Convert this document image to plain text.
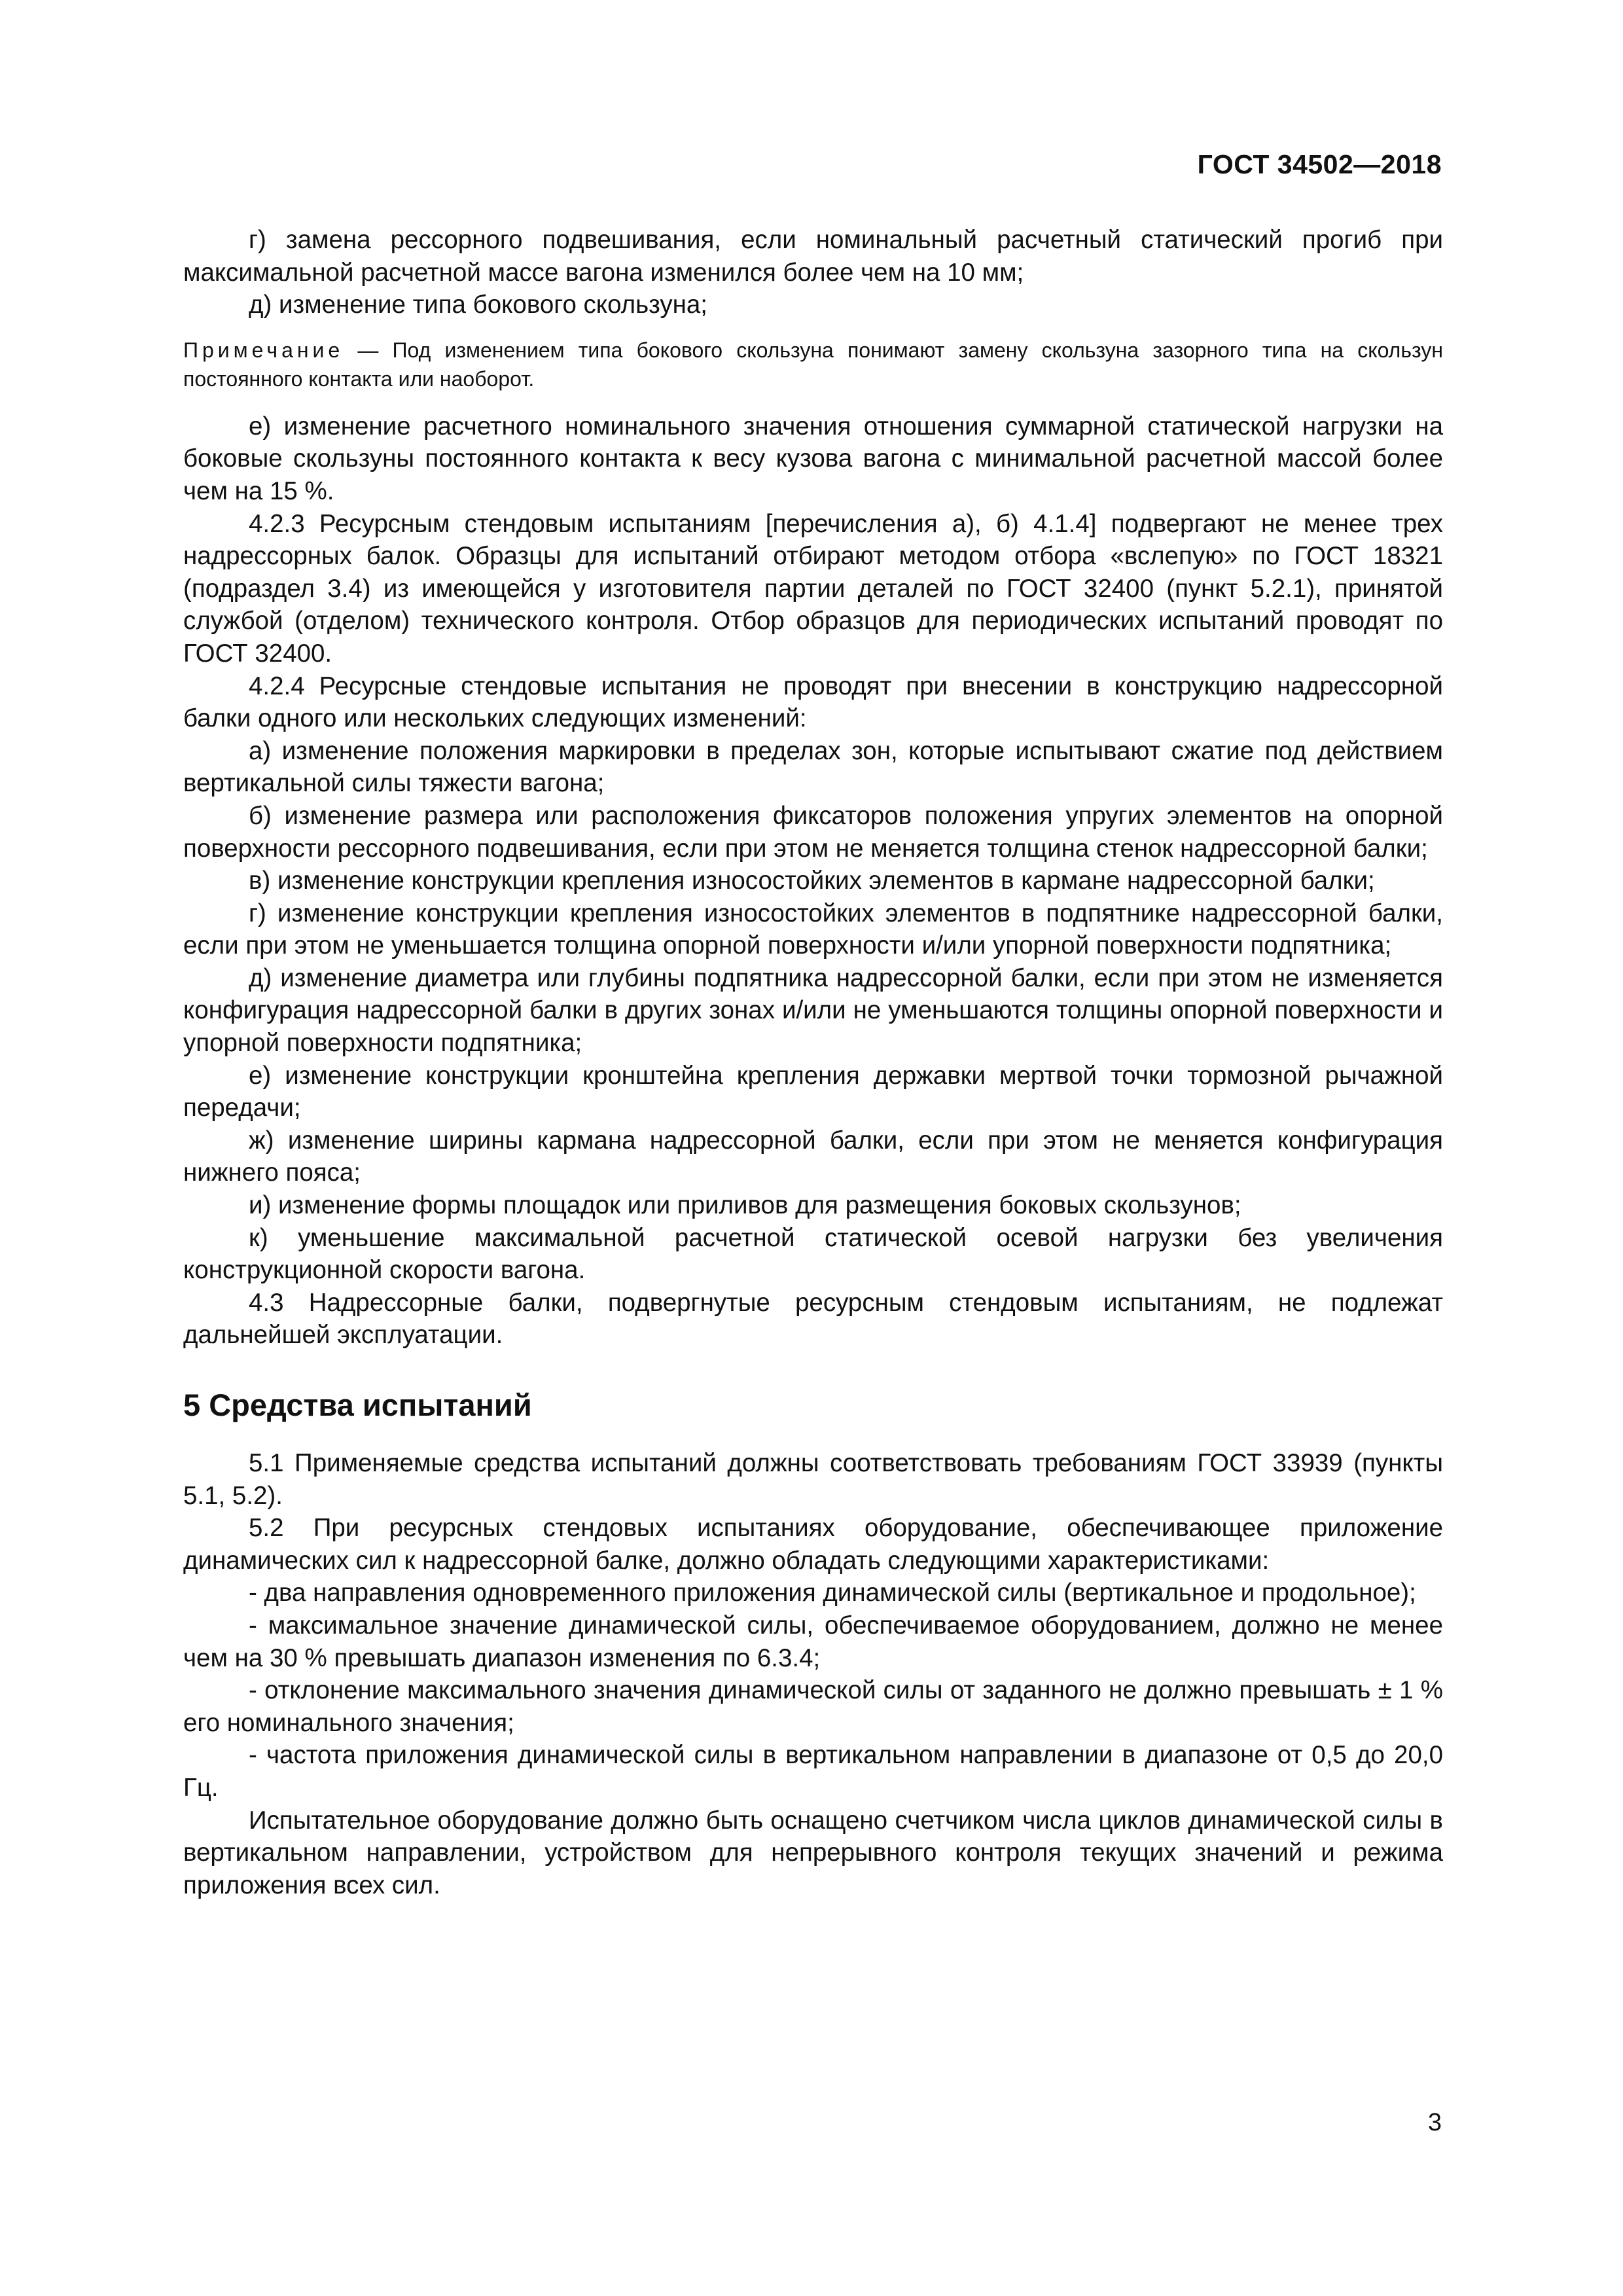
ГОСТ 34502—2018

г) замена рессорного подвешивания, если номинальный расчетный статический прогиб при максимальной расчетной массе вагона изменился более чем на 10 мм;

д) изменение типа бокового скользуна;

Примечание — Под изменением типа бокового скользуна понимают замену скользуна зазорного типа на скользун постоянного контакта или наоборот.

е) изменение расчетного номинального значения отношения суммарной статической нагрузки на боковые скользуны постоянного контакта к весу кузова вагона с минимальной расчетной массой более чем на 15 %.

4.2.3 Ресурсным стендовым испытаниям [перечисления а), б) 4.1.4] подвергают не менее трех надрессорных балок. Образцы для испытаний отбирают методом отбора «вслепую» по ГОСТ 18321 (подраздел 3.4) из имеющейся у изготовителя партии деталей по ГОСТ 32400 (пункт 5.2.1), принятой службой (отделом) технического контроля. Отбор образцов для периодических испытаний проводят по ГОСТ 32400.

4.2.4 Ресурсные стендовые испытания не проводят при внесении в конструкцию надрессорной балки одного или нескольких следующих изменений:

а) изменение положения маркировки в пределах зон, которые испытывают сжатие под действием вертикальной силы тяжести вагона;

б) изменение размера или расположения фиксаторов положения упругих элементов на опорной поверхности рессорного подвешивания, если при этом не меняется толщина стенок надрессорной балки;

в) изменение конструкции крепления износостойких элементов в кармане надрессорной балки;

г) изменение конструкции крепления износостойких элементов в подпятнике надрессорной балки, если при этом не уменьшается толщина опорной поверхности и/или упорной поверхности подпятника;

д) изменение диаметра или глубины подпятника надрессорной балки, если при этом не изменяется конфигурация надрессорной балки в других зонах и/или не уменьшаются толщины опорной поверхности и упорной поверхности подпятника;

е) изменение конструкции кронштейна крепления державки мертвой точки тормозной рычажной передачи;

ж) изменение ширины кармана надрессорной балки, если при этом не меняется конфигурация нижнего пояса;

и) изменение формы площадок или приливов для размещения боковых скользунов;

к) уменьшение максимальной расчетной статической осевой нагрузки без увеличения конструкционной скорости вагона.

4.3 Надрессорные балки, подвергнутые ресурсным стендовым испытаниям, не подлежат дальнейшей эксплуатации.

5 Средства испытаний

5.1 Применяемые средства испытаний должны соответствовать требованиям ГОСТ 33939 (пункты 5.1, 5.2).

5.2 При ресурсных стендовых испытаниях оборудование, обеспечивающее приложение динамических сил к надрессорной балке, должно обладать следующими характеристиками:

- два направления одновременного приложения динамической силы (вертикальное и продольное);

- максимальное значение динамической силы, обеспечиваемое оборудованием, должно не менее чем на 30 % превышать диапазон изменения по 6.3.4;

- отклонение максимального значения динамической силы от заданного не должно превышать ± 1 % его номинального значения;

- частота приложения динамической силы в вертикальном направлении в диапазоне от 0,5 до 20,0 Гц.

Испытательное оборудование должно быть оснащено счетчиком числа циклов динамической силы в вертикальном направлении, устройством для непрерывного контроля текущих значений и режима приложения всех сил.

3
